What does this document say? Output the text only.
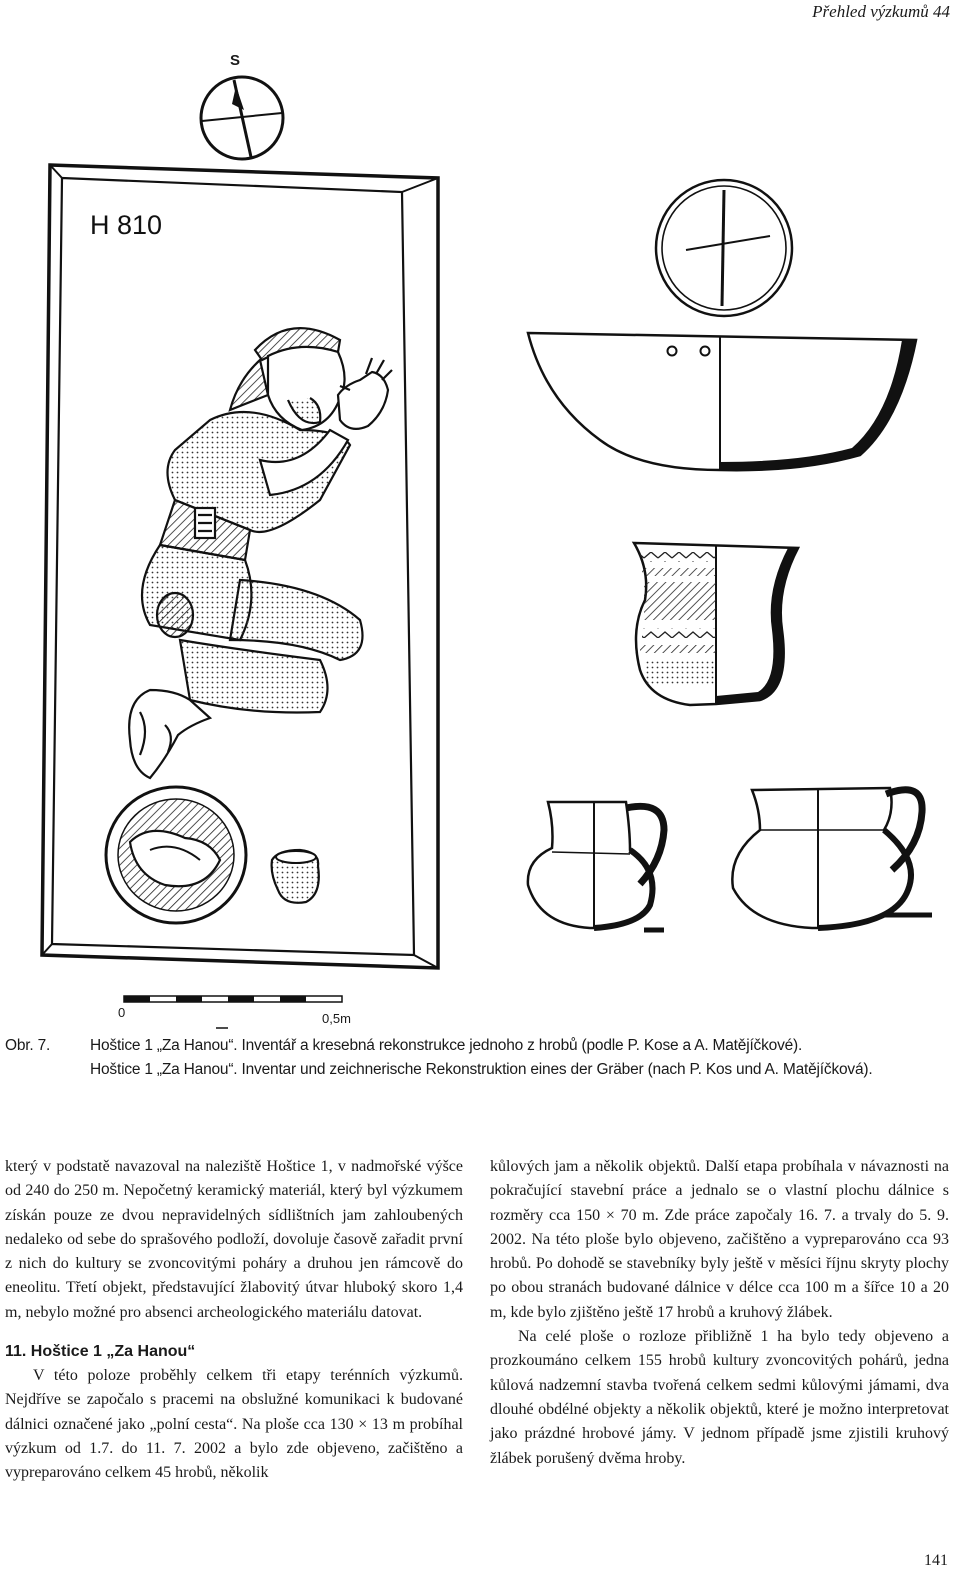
Přehled výzkumů 44
S
H 810
0	0,5m
Obr. 7.	Hoštice 1 „Za Hanou“. Inventář a kresebná rekonstrukce jednoho z hrobů (podle P. Kose a A. Matějíčkové).
Hoštice 1 „Za Hanou“. Inventar und zeichnerische Rekonstruktion eines der Gräber (nach P. Kos und A. Matějíčková).

který v podstatě navazoval na naleziště Hoštice 1, v nadmořské výšce od 240 do 250 m. Nepočetný keramický materiál, který byl výzkumem získán pouze ze dvou nepravidelných sídlištních jam zahloubených nedaleko od sebe do sprašového podloží, dovoluje časově zařadit první z nich do kultury se zvoncovitými poháry a druhou jen rámcově do eneolitu. Třetí objekt, představující žlabovitý útvar hluboký skoro 1,4 m, nebylo možné pro absenci archeologického materiálu datovat.

11. Hoštice 1 „Za Hanou“

V této poloze proběhly celkem tři etapy terénních výzkumů. Nejdříve se započalo s pracemi na obslužné komunikaci k budované dálnici označené jako „polní cesta“. Na ploše cca 130 × 13 m probíhal výzkum od 1.7. do 11. 7. 2002 a bylo zde objeveno, začištěno a vypreparováno celkem 45 hrobů, několik

kůlových jam a několik objektů. Další etapa probíhala v návaznosti na pokračující stavební práce a jednalo se o vlastní plochu dálnice s rozměry cca 150 × 70 m. Zde práce započaly 16. 7. a trvaly do 5. 9. 2002. Na této ploše bylo objeveno, začištěno a vypreparováno cca 93 hrobů. Po dohodě se stavebníky byly ještě v měsíci říjnu skryty plochy po obou stranách budované dálnice v délce cca 100 m a šířce 10 a 20 m, kde bylo zjištěno ještě 17 hrobů a kruhový žlábek.

Na celé ploše o rozloze přibližně 1 ha bylo tedy objeveno a prozkoumáno celkem 155 hrobů kultury zvoncovitých pohárů, jedna kůlová nadzemní stavba tvořená celkem sedmi kůlovými jámami, dva dlouhé obdélné objekty a několik objektů, které je možno interpretovat jako prázdné hrobové jámy. V jednom případě jsme zjistili kruhový žlábek porušený dvěma hroby.

141
